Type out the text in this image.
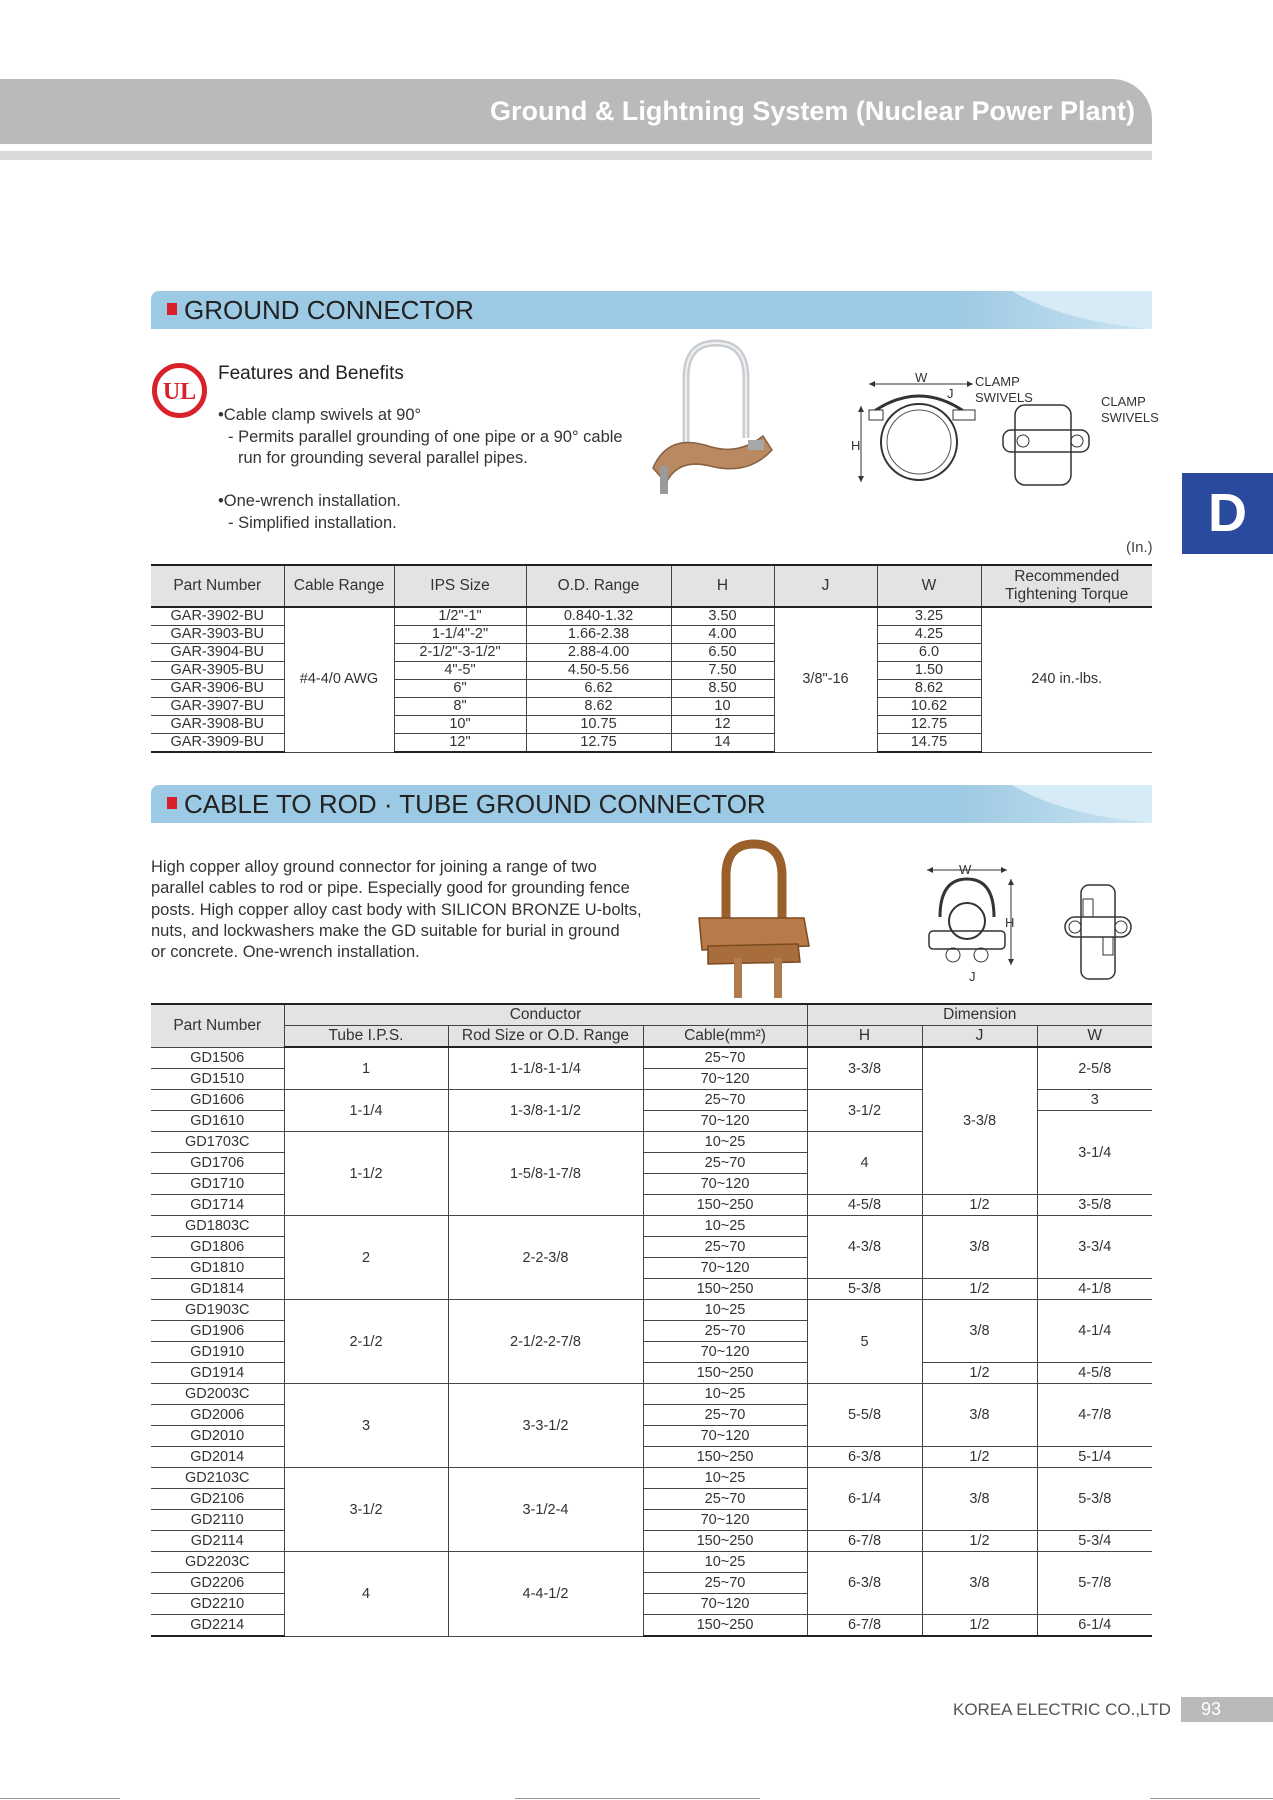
Ground & Lightning System (Nuclear Power Plant)
D
GROUND CONNECTOR
UL
Features and Benefits
•Cable clamp swivels at 90°
- Permits parallel grounding of one pipe or a 90° cable
run for grounding several parallel pipes.
•One-wrench installation.
- Simplified installation.
W
J
H
CLAMP
SWIVELS	CLAMP
SWIVELS
(In.)
Part Number	Cable Range	IPS Size	O.D. Range	H	J	W	Recommended
Tightening Torque
GAR-3902-BU	#4-4/0 AWG	1/2"-1"	0.840-1.32	3.50	3/8"-16	3.25	240 in.-lbs.
GAR-3903-BU		1-1/4"-2"	1.66-2.38	4.00		4.25	
GAR-3904-BU		2-1/2"-3-1/2"	2.88-4.00	6.50		6.0	
GAR-3905-BU		4"-5"	4.50-5.56	7.50		1.50	
GAR-3906-BU		6"	6.62	8.50		8.62	
GAR-3907-BU		8"	8.62	10		10.62	
GAR-3908-BU		10"	10.75	12		12.75	
GAR-3909-BU		12"	12.75	14		14.75	
CABLE TO ROD · TUBE GROUND CONNECTOR
High copper alloy ground connector for joining a range of two
parallel cables to rod or pipe. Especially good for grounding fence
posts. High copper alloy cast body with SILICON BRONZE U-bolts,
nuts, and lockwashers make the GD suitable for burial in ground
or concrete. One-wrench installation.
W
H
J
Part Number	Conductor			Dimension		
	Tube I.P.S.	Rod Size or O.D. Range	Cable(mm²)	H	J	W
GD1506	1	1-1/8-1-1/4	25~70	3-3/8	3-3/8	2-5/8
GD1510			70~120			
GD1606	1-1/4	1-3/8-1-1/2	25~70	3-1/2		3
GD1610			70~120			3-1/4
GD1703C	1-1/2	1-5/8-1-7/8	10~25	4		
GD1706			25~70			
GD1710			70~120			
GD1714			150~250	4-5/8	1/2	3-5/8
GD1803C	2	2-2-3/8	10~25	4-3/8	3/8	3-3/4
GD1806			25~70			
GD1810			70~120			
GD1814			150~250	5-3/8	1/2	4-1/8
GD1903C	2-1/2	2-1/2-2-7/8	10~25	5	3/8	4-1/4
GD1906			25~70			
GD1910			70~120			
GD1914			150~250		1/2	4-5/8
GD2003C	3	3-3-1/2	10~25	5-5/8	3/8	4-7/8
GD2006			25~70			
GD2010			70~120			
GD2014			150~250	6-3/8	1/2	5-1/4
GD2103C	3-1/2	3-1/2-4	10~25	6-1/4	3/8	5-3/8
GD2106			25~70			
GD2110			70~120			
GD2114			150~250	6-7/8	1/2	5-3/4
GD2203C	4	4-4-1/2	10~25	6-3/8	3/8	5-7/8
GD2206			25~70			
GD2210			70~120			
GD2214			150~250	6-7/8	1/2	6-1/4
KOREA ELECTRIC CO.,LTD	93
